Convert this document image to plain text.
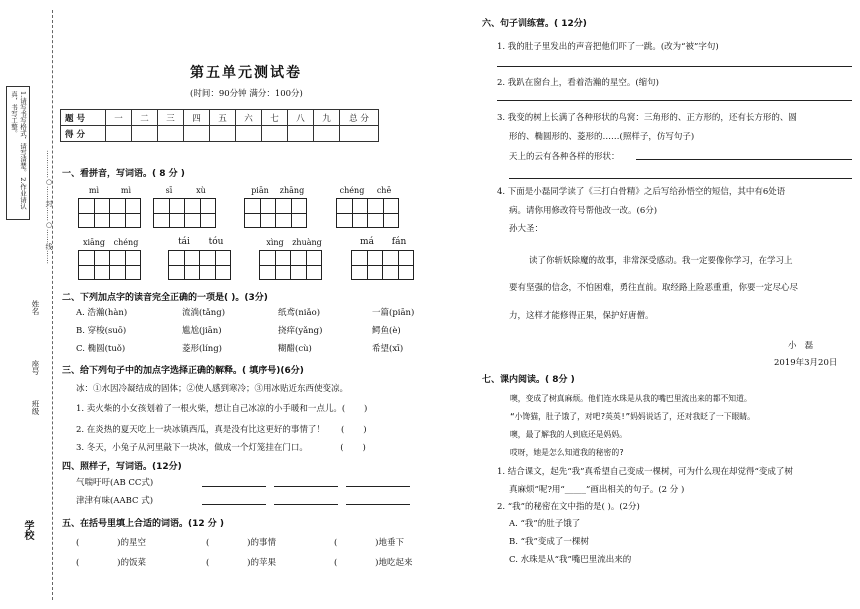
1.请写书写格式，请写清楚。 2.作业请认真，书写工整。
…………○……封……○……线……
学校
班级
姓名
座号
第五单元测试卷
(时间：90分钟 满分：100分)
题 号	一	二	三	四	五	六	七	八	九	总 分
得 分										
一、看拼音，写词语。( 8 分 )
mì	mì	sī	xù	piān	zhāng	chéng	chē
xiāng	chéng	tái	tóu	xìng	zhuàng	má	fán
二、下列加点字的读音完全正确的一项是( )。(3分)
A. 浩瀚(hàn)	流淌(tǎng)	纸鸢(niǎo)	一篇(piān)
B. 穿梭(suō)	尴尬(jiān)	挠痒(yǎng)	鳄鱼(è)
C. 椭圆(tuǒ)	菱形(líng)	糊醋(cù)	希望(xī)
三、给下列句子中的加点字选择正确的解释。( 填序号)(6分)
冰：①水因冷凝结成的固体；②使人感到寒冷；③用冰贴近东西使变凉。
1. 卖火柴的小女孩划着了一根火柴，想让自己冰凉的小手暖和一点儿。(       )
2. 在炎热的夏天吃上一块冰镇西瓜，真是没有比这更好的事情了！      (       )
3. 冬天，小兔子从河里敲下一块冰，做成一个灯笼挂在门口。            (       )
四、照样子，写词语。(12分)
气喘吁吁(AB CC式)
津津有味(AABC 式)
五、在括号里填上合适的词语。(12 分 )
(              )的星空	(              )的事情	(              )地垂下
(              )的饭菜	(              )的苹果	(              )地吃起来
六、句子训练营。( 12分)
1. 我的肚子里发出的声音把他们吓了一跳。(改为“被”字句)
2. 我趴在窗台上，看着浩瀚的星空。(缩句)
3. 我变的树上长满了各种形状的鸟窝：三角形的、正方形的，还有长方形的、圆
形的、椭圆形的、菱形的……(照样子，仿写句子)
天上的云有各种各样的形状：
4. 下面是小磊同学读了《三打白骨精》之后写给孙悟空的短信，其中有6处语
病。请你用修改符号帮他改一改。(6分)
孙大圣：
读了你斩妖除魔的故事，非常深受感动。我一定要像你学习，在学习上
要有坚强的信念，不怕困难，勇往直前。取经路上险恶重重，你要一定尽心尽
力，这样才能修得正果，保护好唐僧。
小   磊
2019年3月20日
七、课内阅读。( 8分 )
噢，变成了树真麻烦。他们连水珠是从我的嘴巴里流出来的都不知道。
“小馋猫，肚子饿了，对吧?英英!”妈妈说话了，还对我眨了一下眼睛。
噢，最了解我的人到底还是妈妈。
哎呀，她是怎么知道我的秘密的?
1. 结合课文，起先“我”真希望自己变成一棵树，可为什么现在却觉得“变成了树
真麻烦”呢?用“_____”画出相关的句子。(2 分 )
2. “我”的秘密在文中指的是( )。(2分)
A. “我”的肚子饿了
B. “我”变成了一棵树
C. 水珠是从“我”嘴巴里流出来的
